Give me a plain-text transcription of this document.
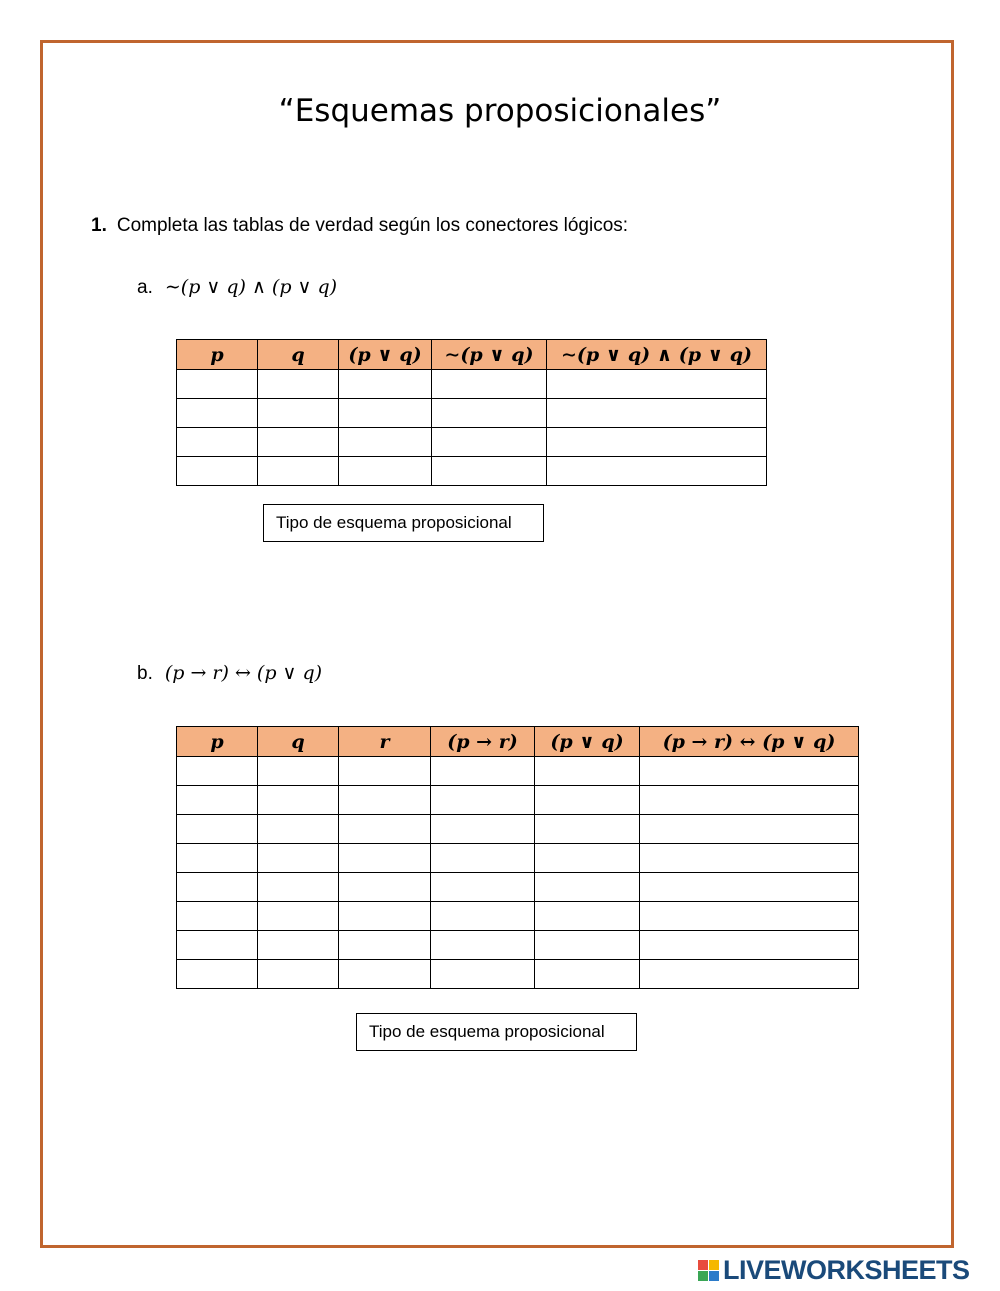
“Esquemas proposicionales”
1. Completa las tablas de verdad según los conectores lógicos:
a. ∼(p ∨ q) ∧ (p ∨ q)
p	q	(p ∨ q)	∼(p ∨ q)	∼(p ∨ q) ∧ (p ∨ q)

Tipo de esquema proposicional
b. (p → r) ↔ (p ∨ q)
p	q	r	(p → r)	(p ∨ q)	(p → r) ↔ (p ∨ q)

Tipo de esquema proposicional
LIVEWORKSHEETS
